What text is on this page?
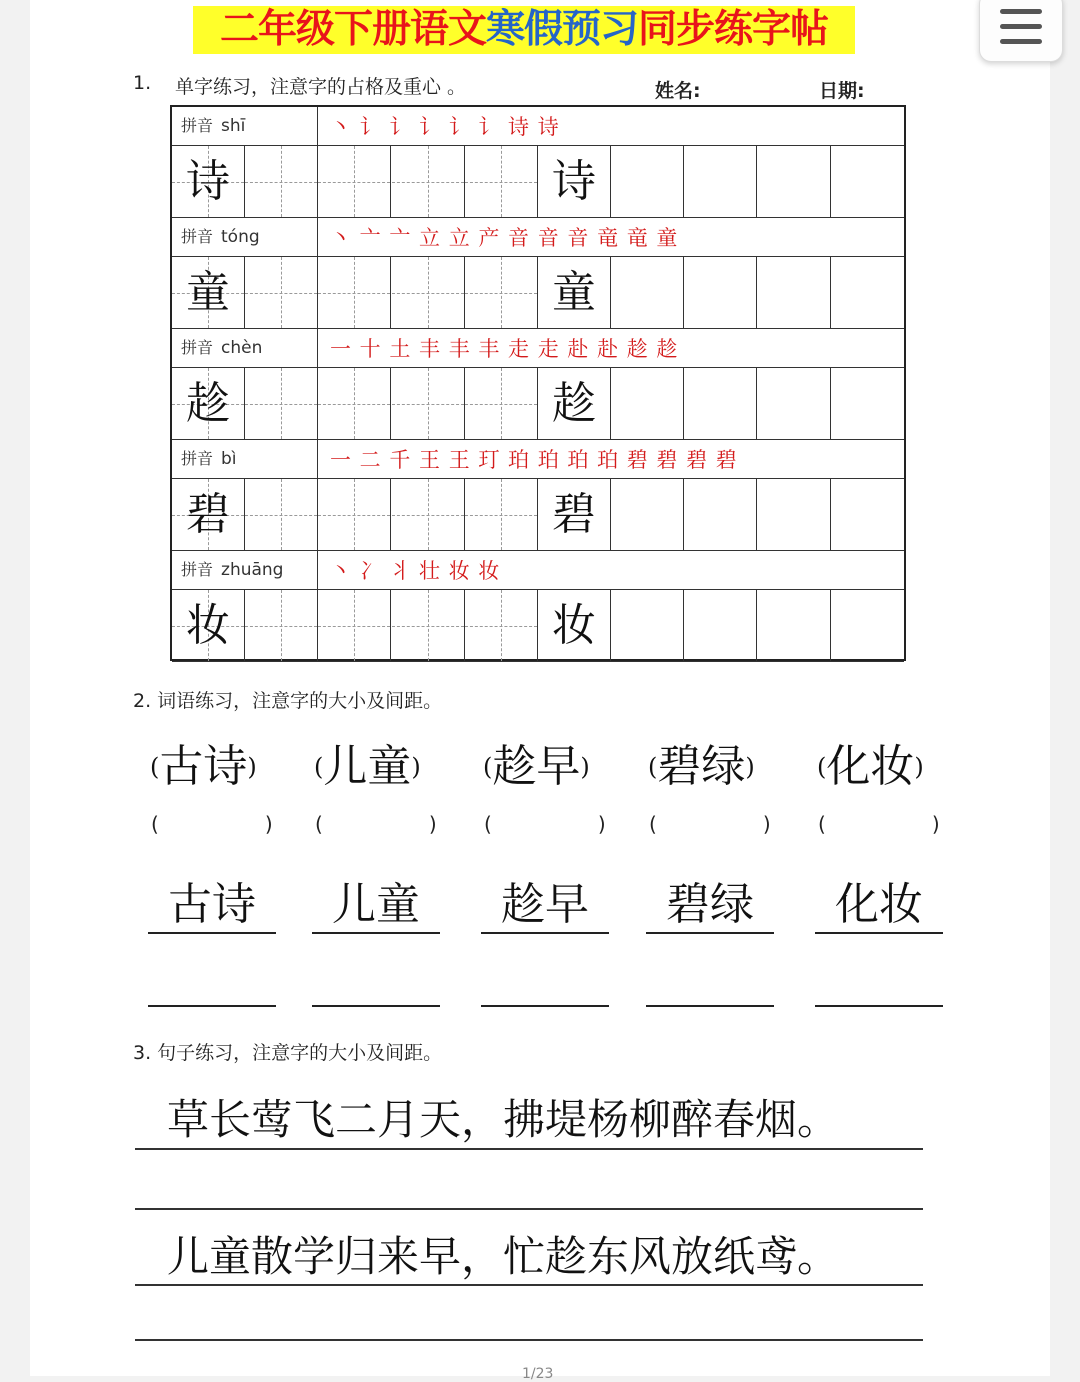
二年级下册语文寒假预习同步练字帖
1. 单字练习，注意字的占格及重心 。	姓名:	日期:
拼音 shī	丶 讠 讠 讠 讠 讠 诗 诗
诗	诗
拼音 tóng	丶 亠 亠 立 立 产 音 音 音 竜 竜 童
童	童
拼音 chèn	一 十 土 丰 丰 丰 走 走 赴 赴 趁 趁
趁	趁
拼音 bì	一 二 千 王 王 玎 珀 珀 珀 珀 碧 碧 碧 碧
碧	碧
拼音 zhuāng	丶 冫 丬 壮 妆 妆
妆	妆
2. 词语练习，注意字的大小及间距。
(古诗)
(	)
古诗
(儿童)
(	)
儿童
(趁早)
(	)
趁早
(碧绿)
(	)
碧绿
(化妆)
(	)
化妆
3. 句子练习，注意字的大小及间距。
草长莺飞二月天，拂堤杨柳醉春烟。
儿童散学归来早，忙趁东风放纸鸢。
1/23
